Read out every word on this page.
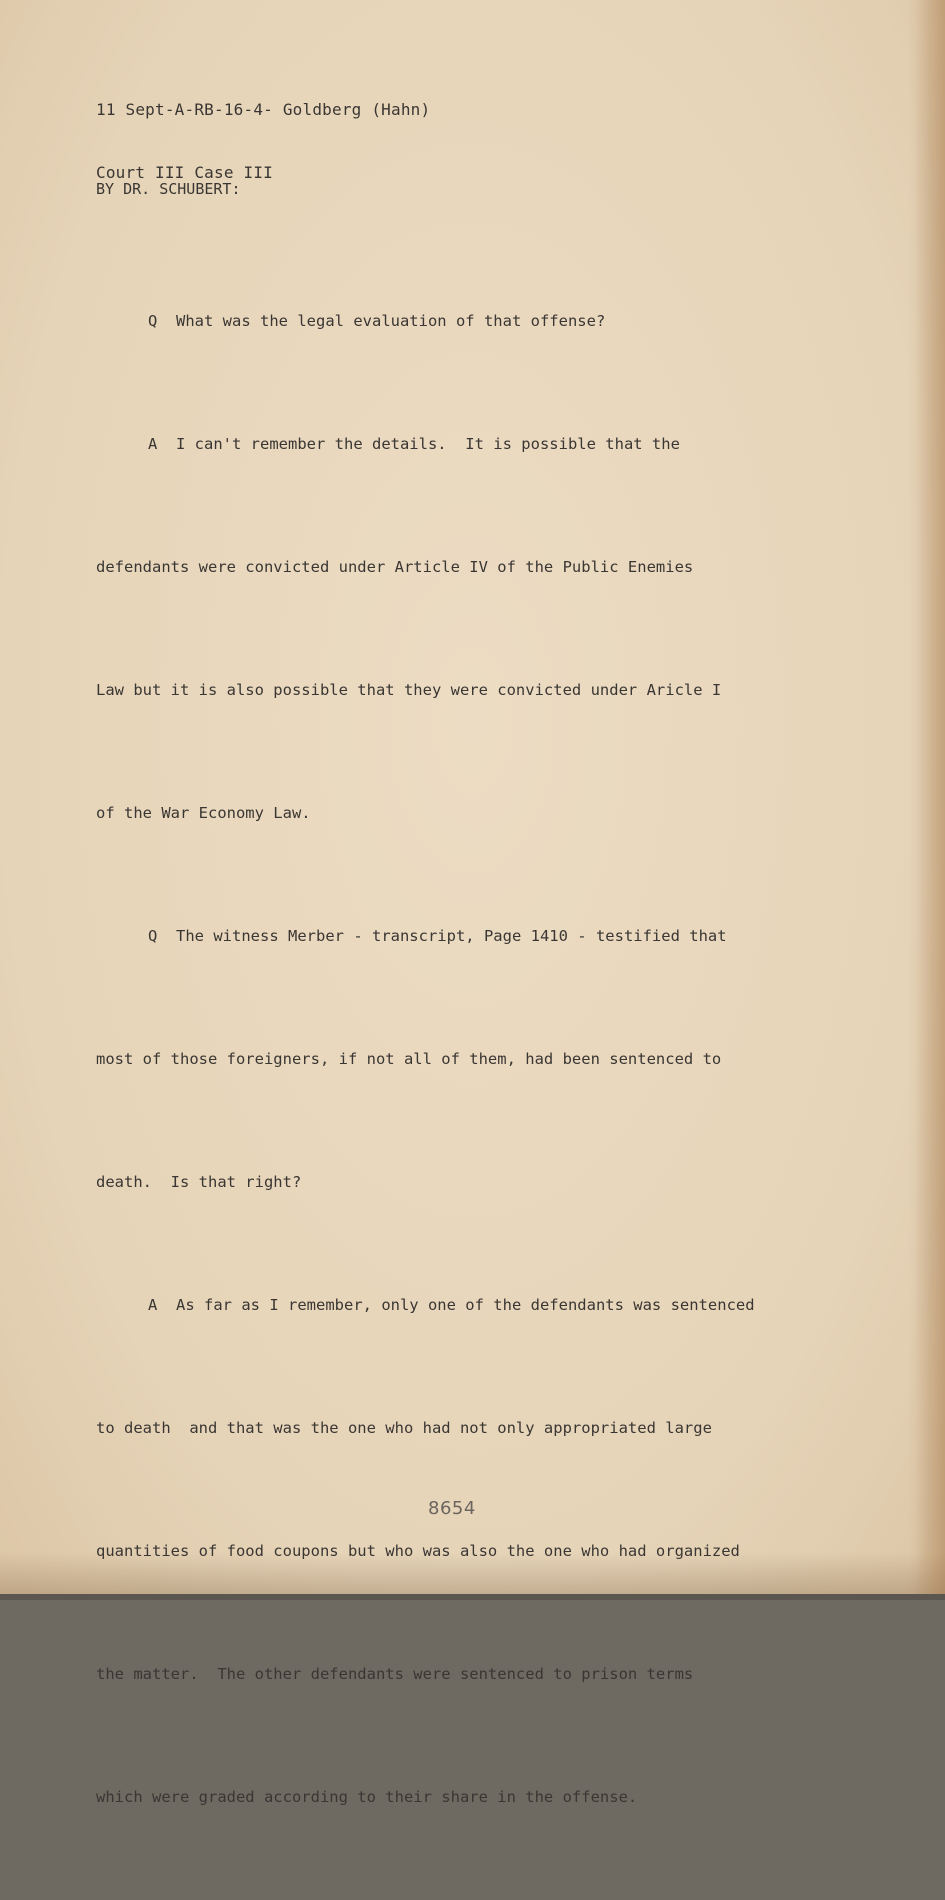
11 Sept-A-RB-16-4- Goldberg (Hahn)

Court III Case III

BY DR. SCHUBERT:

Q What was the legal evaluation of that offense?

A I can't remember the details.  It is possible that the

defendants were convicted under Article IV of the Public Enemies

Law but it is also possible that they were convicted under Aricle I

of the War Economy Law.

Q The witness Merber - transcript, Page 1410 - testified that

most of those foreigners, if not all of them, had been sentenced to

death.  Is that right?

A As far as I remember, only one of the defendants was sentenced

to death  and that was the one who had not only appropriated large

quantities of food coupons but who was also the one who had organized

the matter.  The other defendants were sentenced to prison terms

which were graded according to their share in the offense.

8654
